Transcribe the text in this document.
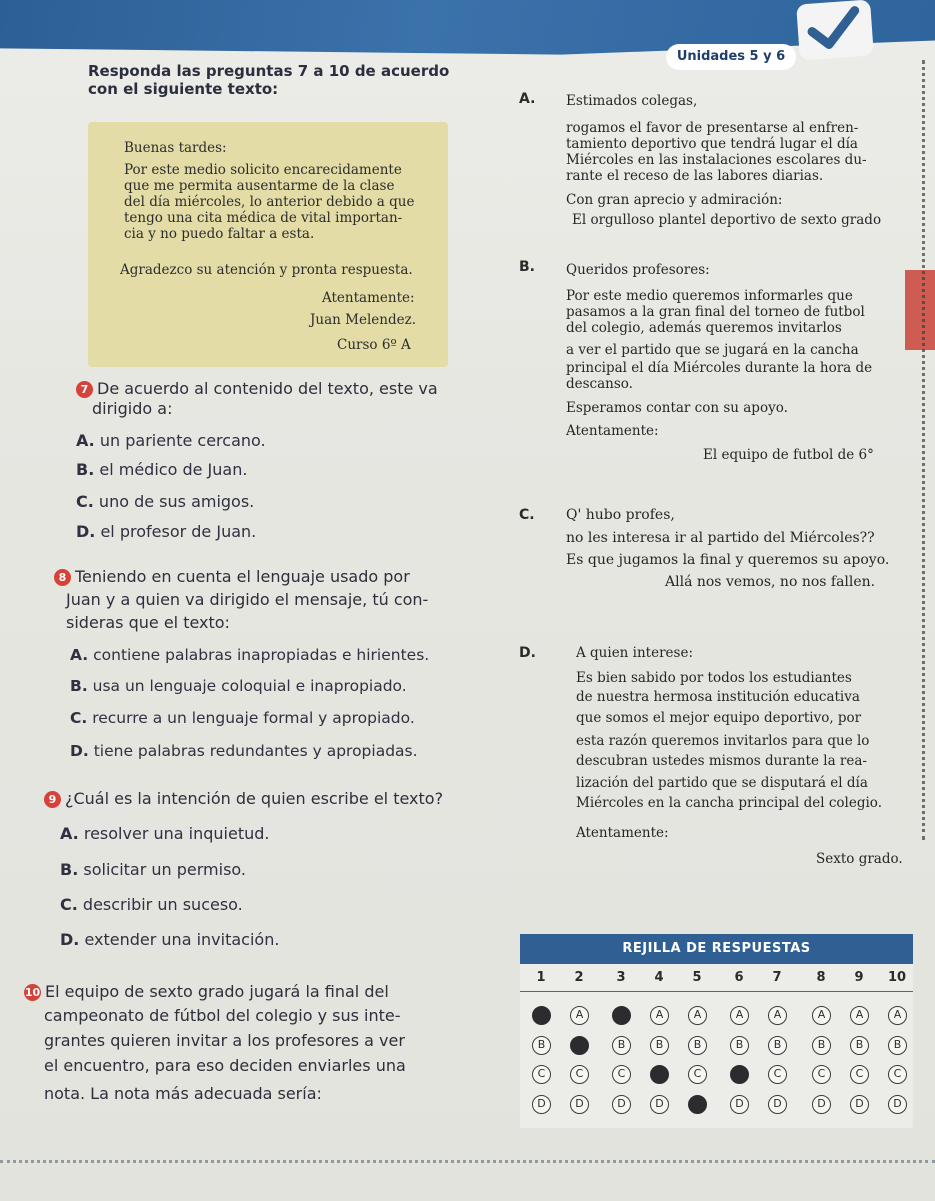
Unidades 5 y 6
Responda las preguntas 7 a 10 de acuerdo con el siguiente texto:
Buenas tardes:
Por este medio solicito encarecidamente
que me permita ausentarme de la clase
del día miércoles, lo anterior debido a que
tengo una cita médica de vital importan-
cia y no puedo faltar a esta.
Agradezco su atención y pronta respuesta.
Atentamente:
Juan Melendez.
Curso 6º A
7 De acuerdo al contenido del texto, este va
dirigido a:
A. un pariente cercano.
B. el médico de Juan.
C. uno de sus amigos.
D. el profesor de Juan.
8 Teniendo en cuenta el lenguaje usado por
Juan y a quien va dirigido el mensaje, tú con-
sideras que el texto:
A. contiene palabras inapropiadas e hirientes.
B. usa un lenguaje coloquial e inapropiado.
C. recurre a un lenguaje formal y apropiado.
D. tiene palabras redundantes y apropiadas.
9 ¿Cuál es la intención de quien escribe el texto?
A. resolver una inquietud.
B. solicitar un permiso.
C. describir un suceso.
D. extender una invitación.
10 El equipo de sexto grado jugará la final del
campeonato de fútbol del colegio y sus inte-
grantes quieren invitar a los profesores a ver
el encuentro, para eso deciden enviarles una
nota. La nota más adecuada sería:
A. Estimados colegas,
rogamos el favor de presentarse al enfren-
tamiento deportivo que tendrá lugar el día
Miércoles en las instalaciones escolares du-
rante el receso de las labores diarias.
Con gran aprecio y admiración:
El orgulloso plantel deportivo de sexto grado
B. Queridos profesores:
Por este medio queremos informarles que
pasamos a la gran final del torneo de futbol
del colegio, además queremos invitarlos
a ver el partido que se jugará en la cancha
principal el día Miércoles durante la hora de
descanso.
Esperamos contar con su apoyo.
Atentamente:
El equipo de futbol de 6°
C. Q' hubo profes,
no les interesa ir al partido del Miércoles??
Es que jugamos la final y queremos su apoyo.
Allá nos vemos, no nos fallen.
D.	A quien interese:
Es bien sabido por todos los estudiantes
de nuestra hermosa institución educativa
que somos el mejor equipo deportivo, por
esta razón queremos invitarlos para que lo
descubran ustedes mismos durante la rea-
lización del partido que se disputará el día
Miércoles en la cancha principal del colegio.
Atentamente:
Sexto grado.
REJILLA DE RESPUESTAS
1	2	3	4	5	6	7	8	9	10
A	A	A	A	A	A	A	A	A	A
B	B	B	B	B	B	B	B	B	B
C	C	C	C	C	C	C	C	C	C
D	D	D	D	D	D	D	D	D	D
